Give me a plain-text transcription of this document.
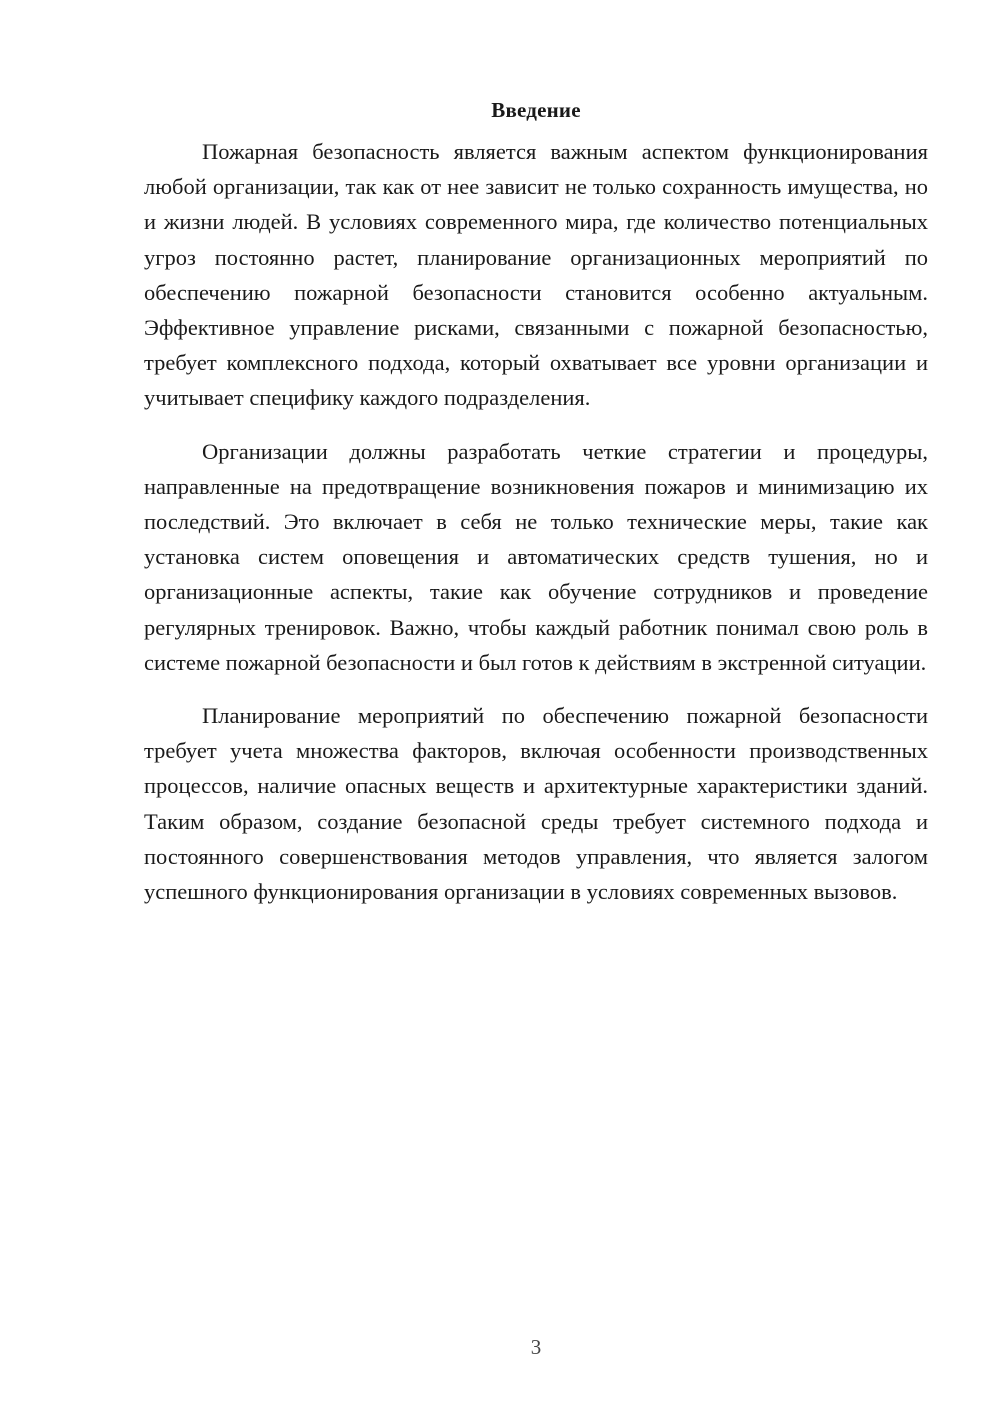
Введение

Пожарная безопасность является важным аспектом функционирования любой организации, так как от нее зависит не только сохранность имущества, но и жизни людей. В условиях современного мира, где количество потенциальных угроз постоянно растет, планирование организационных мероприятий по обеспечению пожарной безопасности становится особенно актуальным. Эффективное управление рисками, связанными с пожарной безопасностью, требует комплексного подхода, который охватывает все уровни организации и учитывает специфику каждого подразделения.

Организации должны разработать четкие стратегии и процедуры, направленные на предотвращение возникновения пожаров и минимизацию их последствий. Это включает в себя не только технические меры, такие как установка систем оповещения и автоматических средств тушения, но и организационные аспекты, такие как обучение сотрудников и проведение регулярных тренировок. Важно, чтобы каждый работник понимал свою роль в системе пожарной безопасности и был готов к действиям в экстренной ситуации.

Планирование мероприятий по обеспечению пожарной безопасности требует учета множества факторов, включая особенности производственных процессов, наличие опасных веществ и архитектурные характеристики зданий. Таким образом, создание безопасной среды требует системного подхода и постоянного совершенствования методов управления, что является залогом успешного функционирования организации в условиях современных вызовов.

3
